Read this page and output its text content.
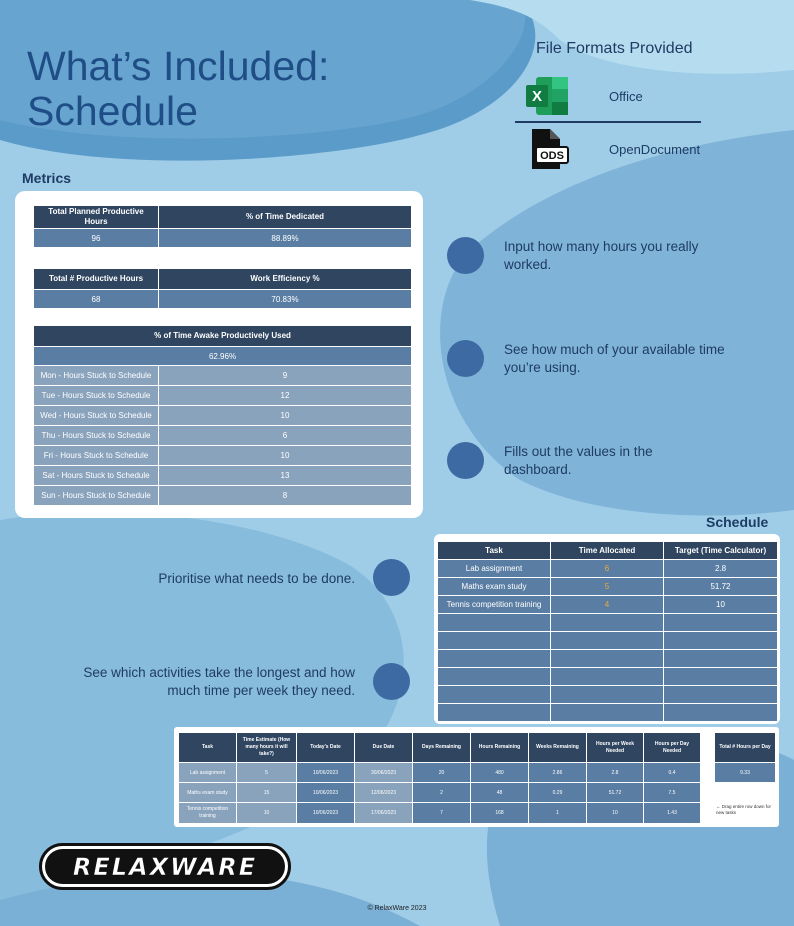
What’s Included:
Schedule
File Formats Provided
X	Office
ODS	OpenDocument
Metrics
Total Planned Productive Hours	% of Time Dedicated
96	88.89%
Total # Productive Hours	Work Efficiency %
68	70.83%
% of Time Awake Productively Used	
62.96%	
Mon - Hours Stuck to Schedule	9
Tue - Hours Stuck to Schedule	12
Wed - Hours Stuck to Schedule	10
Thu - Hours Stuck to Schedule	6
Fri - Hours Stuck to Schedule	10
Sat - Hours Stuck to Schedule	13
Sun - Hours Stuck to Schedule	8
Input how many hours you really worked.
See how much of your available time you’re using.
Fills out the values in the dashboard.
Schedule
Task	Time Allocated	Target (Time Calculator)
Lab assignment	6	2.8
Maths exam study	5	51.72
Tennis competition training	4	10

Prioritise what needs to be done.
See which activities take the longest and how much time per week they need.
Task	Time Estimate (How many hours it will take?)	Today's Date	Due Date	Days Remaining	Hours Remaining	Weeks Remaining	Hours per Week Needed	Hours per Day Needed
Lab assignment	5	10/06/2023	30/06/2023	20	480	2.86	2.8	0.4
Maths exam study	15	10/06/2023	12/06/2023	2	48	0.29	51.72	7.5
Tennis competition training	10	10/06/2023	17/06/2023	7	168	1	10	1.43
Total # Hours per Day
9.33
← Drag entire row down for new tasks
RELAXWARE
© RelaxWare 2023
